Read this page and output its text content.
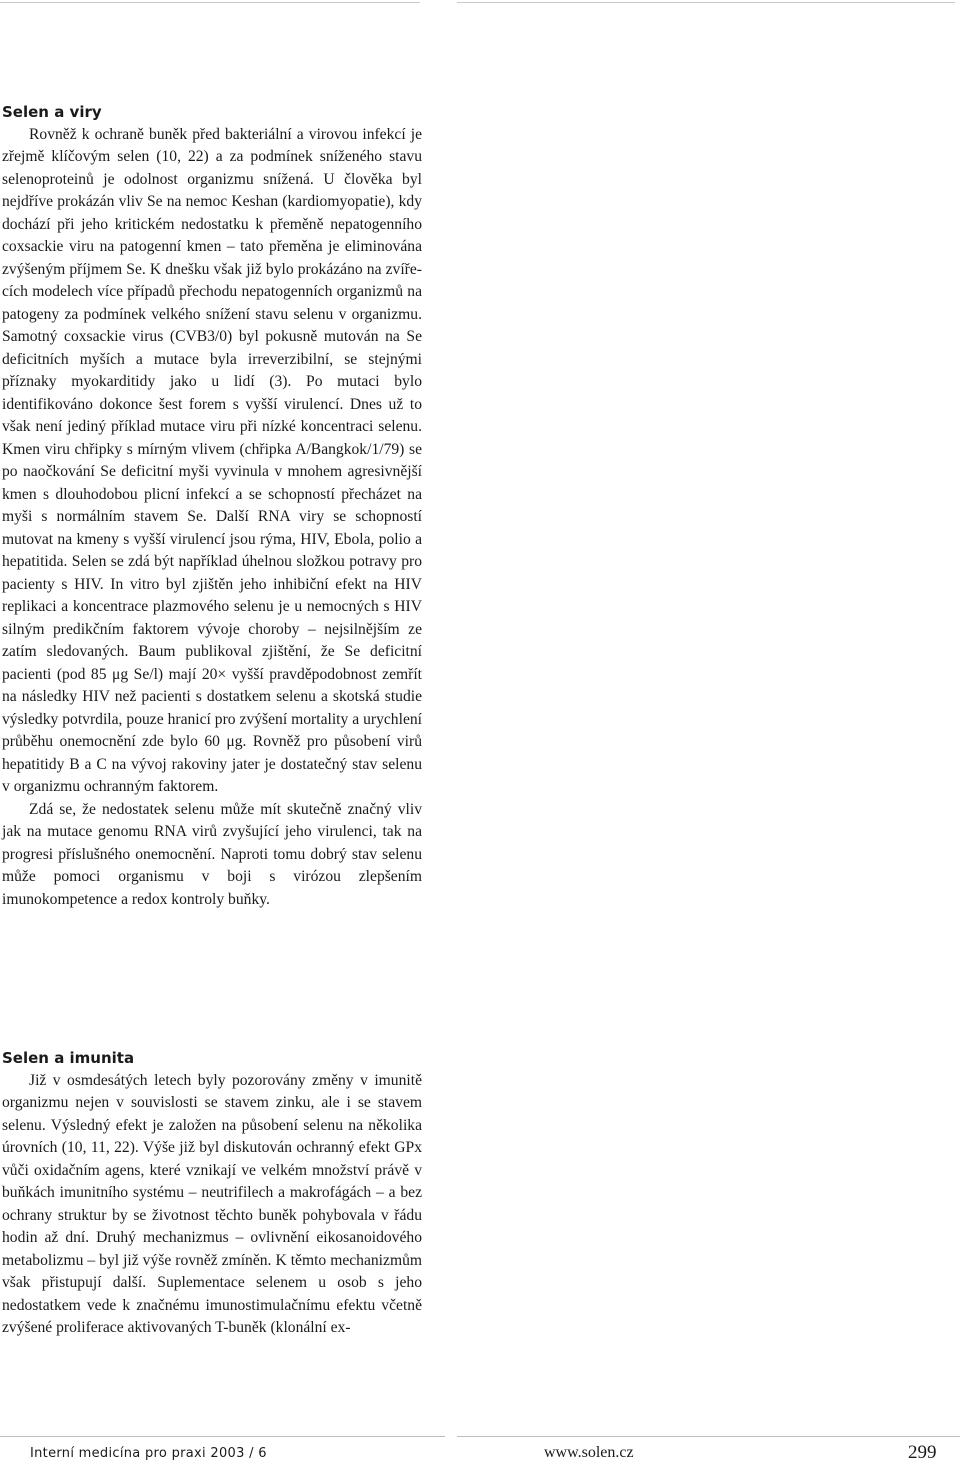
Selen a viry

Rovněž k ochraně buněk před bakteriální a virovou infekcí je zřejmě klíčovým selen (10, 22) a za podmínek sníženého stavu selenoproteinů je odolnost organizmu snížená. U člověka byl nejdříve prokázán vliv Se na nemoc Keshan (kardiomyopatie), kdy dochází při jeho kritickém nedostatku k přeměně nepatogenního coxsackie viru na patogenní kmen – tato přeměna je eliminována zvýšeným příjmem Se. K dnešku však již bylo prokázáno na zvířecích modelech více případů přechodu nepatogenních organizmů na patogeny za podmínek velkého snížení stavu selenu v organizmu. Samotný coxsackie virus (CVB3/0) byl pokusně mutován na Se deficitních myších a mutace byla irreverzibilní, se stejnými příznaky myokarditidy jako u lidí (3). Po mutaci bylo identifikováno dokonce šest forem s vyšší virulencí. Dnes už to však není jediný příklad mutace viru při nízké koncentraci selenu. Kmen viru chřipky s mírným vlivem (chřipka A/Bangkok/1/79) se po naočkování Se deficitní myši vyvinula v mnohem agresivnější kmen s dlouhodobou plicní infekcí a se schopností přecházet na myši s normálním stavem Se. Další RNA viry se schopností mutovat na kmeny s vyšší virulencí jsou rýma, HIV, Ebola, polio a hepatitida. Selen se zdá být například úhelnou složkou potravy pro pacienty s HIV. In vitro byl zjištěn jeho inhibiční efekt na HIV replikaci a koncentrace plazmového selenu je u nemocných s HIV silným predikčním faktorem vývoje choroby – nejsilnějším ze zatím sledovaných. Baum publikoval zjištění, že Se deficitní pacienti (pod 85 μg Se/l) mají 20× vyšší pravděpodobnost zemřít na následky HIV než pacienti s dostatkem selenu a skotská studie výsledky potvrdila, pouze hranicí pro zvýšení mortality a urychlení průběhu onemocnění zde bylo 60 μg. Rovněž pro působení virů hepatitidy B a C na vývoj rakoviny jater je dostatečný stav selenu v organizmu ochranným faktorem.

Zdá se, že nedostatek selenu může mít skutečně značný vliv jak na mutace genomu RNA virů zvyšující jeho virulenci, tak na progresi příslušného onemocnění. Naproti tomu dobrý stav selenu může pomoci organismu v boji s virózou zlepšením imunokompetence a redox kontroly buňky.

Selen a imunita

Již v osmdesátých letech byly pozorovány změny v imunitě organizmu nejen v souvislosti se stavem zinku, ale i se stavem selenu. Výsledný efekt je založen na působení selenu na několika úrovních (10, 11, 22). Výše již byl diskutován ochranný efekt GPx vůči oxidačním agens, které vznikají ve velkém množství právě v buňkách imunitního systému – neutrifilech a makrofágách – a bez ochrany struktur by se životnost těchto buněk pohybovala v řádu hodin až dní. Druhý mechanizmus – ovlivnění eikosanoidového metabolizmu – byl již výše rovněž zmíněn. K těmto mechanizmům však přistupují další. Suplementace selenem u osob s jeho nedostatkem vede k značnému imunostimulačnímu efektu včetně zvýšené proliferace aktivovaných T-buněk (klonální ex-

Interní medicína pro praxi 2003 / 6	www.solen.cz	299
